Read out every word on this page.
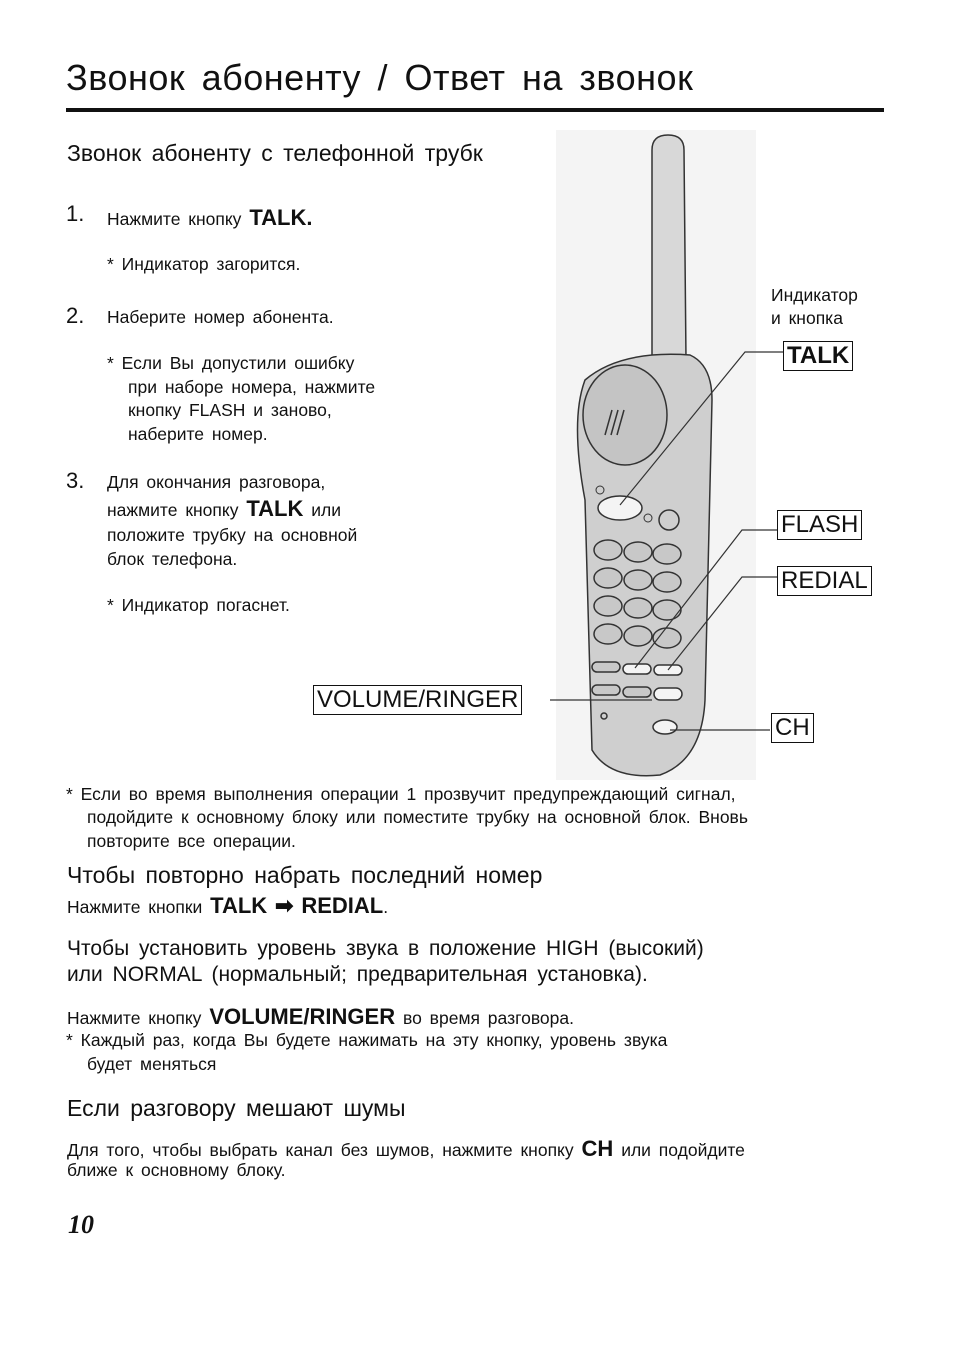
Звонок абоненту / Ответ на звонок
Звонок абоненту с телефонной трубк
1. Нажмите кнопку TALK.
* Индикатор загорится.
2. Наберите номер абонента.
* Если Вы допустили ошибку
при наборе номера, нажмите
кнопку FLASH и заново,
наберите номер.
3. Для окончания разговора,
нажмите кнопку TALK или
положите трубку на основной
блок телефона.
* Индикатор погаснет.
Индикатор
и кнопка
TALK
FLASH
REDIAL
VOLUME/RINGER
CH
* Если во время выполнения операции 1 прозвучит предупреждающий сигнал,
подойдите к основному блоку или поместите трубку на основной блок. Вновь
повторите все операции.
Чтобы повторно набрать последний номер
Нажмите кнопки TALK ➡ REDIAL.
Чтобы установить уровень звука в положение HIGH (высокий)
или NORMAL (нормальный; предварительная установка).
Нажмите кнопку VOLUME/RINGER во время разговора.
* Каждый раз, когда Вы будете нажимать на эту кнопку, уровень звука
будет меняться
Если разговору мешают шумы
Для того, чтобы выбрать канал без шумов, нажмите кнопку CH или подойдите
ближе к основному блоку.
10
